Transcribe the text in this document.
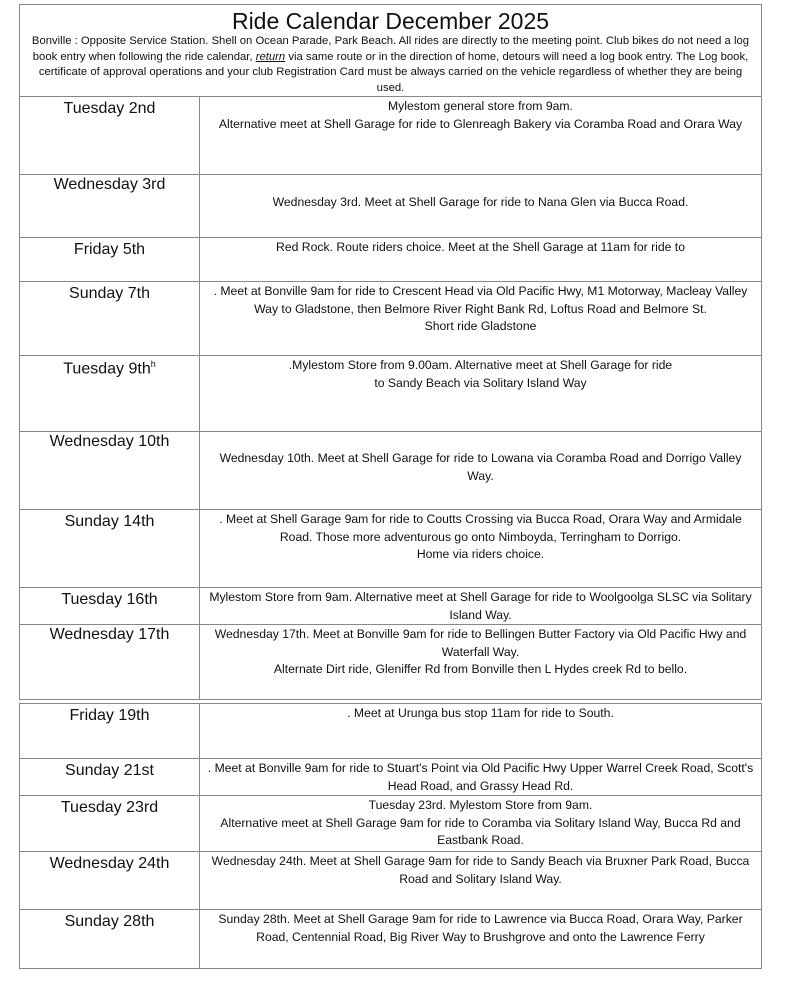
Ride Calendar December 2025
Bonville : Opposite Service Station. Shell on Ocean Parade, Park Beach. All rides are directly to the meeting point. Club bikes do not need a log book entry when following the ride calendar, return via same route or in the direction of home, detours will need a log book entry. The Log book, certificate of approval operations and your club Registration Card must be always carried on the vehicle regardless of whether they are being used.
Tuesday 2nd	Mylestom general store from 9am.
Alternative meet at Shell Garage for ride to Glenreagh Bakery via Coramba Road and Orara Way

Wednesday 3rd	Wednesday 3rd. Meet at Shell Garage for ride to Nana Glen via Bucca Road.

Friday 5th	Red Rock. Route riders choice. Meet at the Shell Garage at 11am for ride to

Sunday 7th	. Meet at Bonville 9am for ride to Crescent Head via Old Pacific Hwy, M1 Motorway, Macleay Valley Way to Gladstone, then Belmore River Right Bank Rd, Loftus Road and Belmore St.
Short ride Gladstone

Tuesday $9th^h$	.Mylestom Store from 9.00am. Alternative meet at Shell Garage for ride
to Sandy Beach via Solitary Island Way

Wednesday 10th	Wednesday 10th. Meet at Shell Garage for ride to Lowana via Coramba Road and Dorrigo Valley Way.

Sunday 14th	. Meet at Shell Garage 9am for ride to Coutts Crossing via Bucca Road, Orara Way and Armidale Road. Those more adventurous go onto Nimboyda, Terringham to Dorrigo.
Home via riders choice.

Tuesday 16th	Mylestom Store from 9am. Alternative meet at Shell Garage for ride to Woolgoolga SLSC via Solitary Island Way.

Wednesday 17th	Wednesday 17th. Meet at Bonville 9am for ride to Bellingen Butter Factory via Old Pacific Hwy and Waterfall Way.
Alternate Dirt ride, Gleniffer Rd from Bonville then L Hydes creek Rd to bello.

Friday 19th	. Meet at Urunga bus stop 11am for ride to South.

Sunday 21st	. Meet at Bonville 9am for ride to Stuart's Point via Old Pacific Hwy Upper Warrel Creek Road, Scott's Head Road, and Grassy Head Rd.

Tuesday 23rd	Tuesday 23rd. Mylestom Store from 9am.
Alternative meet at Shell Garage 9am for ride to Coramba via Solitary Island Way, Bucca Rd and Eastbank Road.

Wednesday 24th	Wednesday 24th. Meet at Shell Garage 9am for ride to Sandy Beach via Bruxner Park Road, Bucca Road and Solitary Island Way.

Sunday 28th	Sunday 28th. Meet at Shell Garage 9am for ride to Lawrence via Bucca Road, Orara Way, Parker Road, Centennial Road, Big River Way to Brushgrove and onto the Lawrence Ferry
